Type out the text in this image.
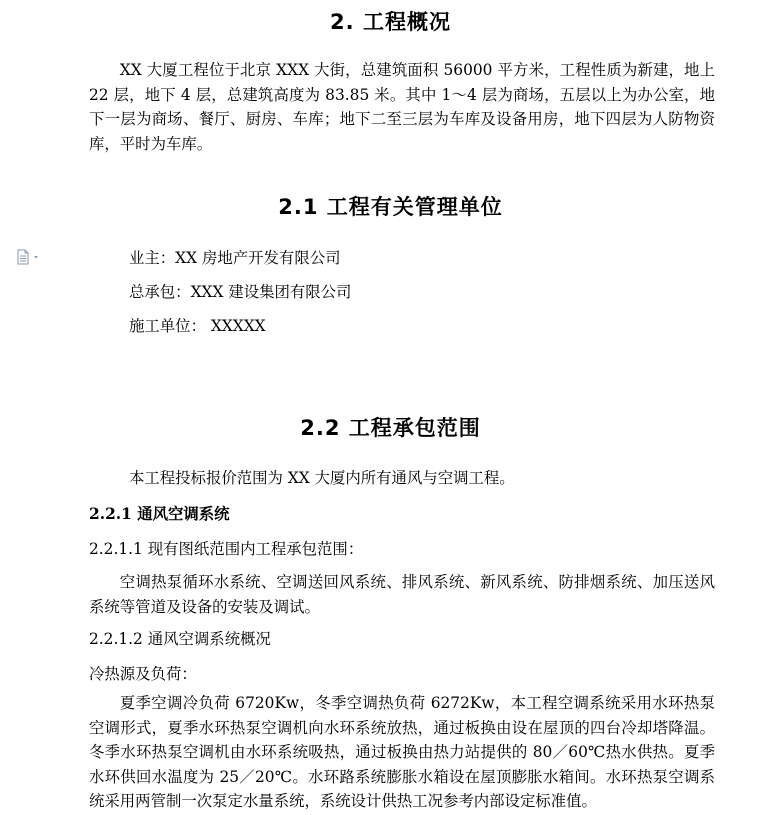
2. 工程概况
XX 大厦工程位于北京 XXX 大街，总建筑面积 56000 平方米，工程性质为新建，地上 22 层，地下 4 层，总建筑高度为 83.85 米。其中 1～4 层为商场，五层以上为办公室，地下一层为商场、餐厅、厨房、车库；地下二至三层为车库及设备用房，地下四层为人防物资库，平时为车库。
2.1 工程有关管理单位
业主：XX 房地产开发有限公司
总承包：XXX 建设集团有限公司
施工单位： XXXXX
2.2 工程承包范围
本工程投标报价范围为 XX 大厦内所有通风与空调工程。
2.2.1 通风空调系统
2.2.1.1 现有图纸范围内工程承包范围：
空调热泵循环水系统、空调送回风系统、排风系统、新风系统、防排烟系统、加压送风系统等管道及设备的安装及调试。
2.2.1.2 通风空调系统概况
冷热源及负荷：
夏季空调冷负荷 6720Kw，冬季空调热负荷 6272Kw，本工程空调系统采用水环热泵空调形式，夏季水环热泵空调机向水环系统放热，通过板换由设在屋顶的四台冷却塔降温。冬季水环热泵空调机由水环系统吸热，通过板换由热力站提供的 80／60℃热水供热。夏季水环供回水温度为 25／20℃。水环路系统膨胀水箱设在屋顶膨胀水箱间。水环热泵空调系统采用两管制一次泵定水量系统，系统设计供热工况参考内部设定标准值。
